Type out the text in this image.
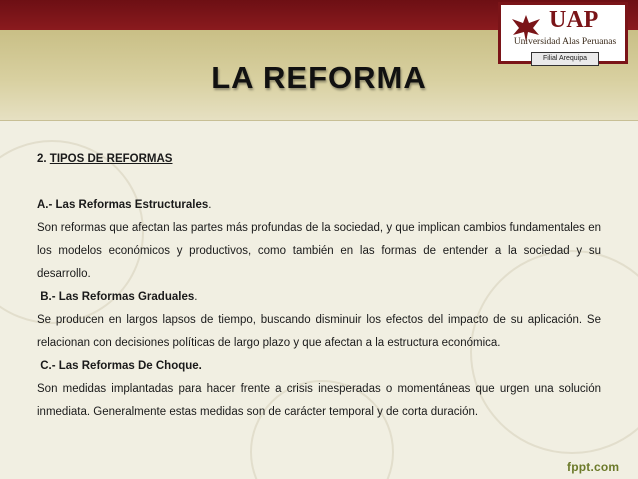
UAP
Universidad Alas Peruanas
Filial Arequipa
LA REFORMA

2. TIPOS DE REFORMAS

A.- Las Reformas Estructurales.

Son reformas que afectan las partes más profundas de la sociedad, y que implican cambios fundamentales en los modelos económicos y productivos, como también en las formas de entender a la sociedad y su desarrollo.

B.- Las Reformas Graduales.

Se producen en largos lapsos de tiempo, buscando disminuir los efectos del impacto de su aplicación. Se relacionan con decisiones políticas de largo plazo y que afectan a la estructura económica.

C.- Las Reformas De Choque.

Son medidas implantadas para hacer frente a crisis inesperadas o momentáneas que urgen una solución inmediata. Generalmente estas medidas son de carácter temporal y de corta duración.

fppt.com
